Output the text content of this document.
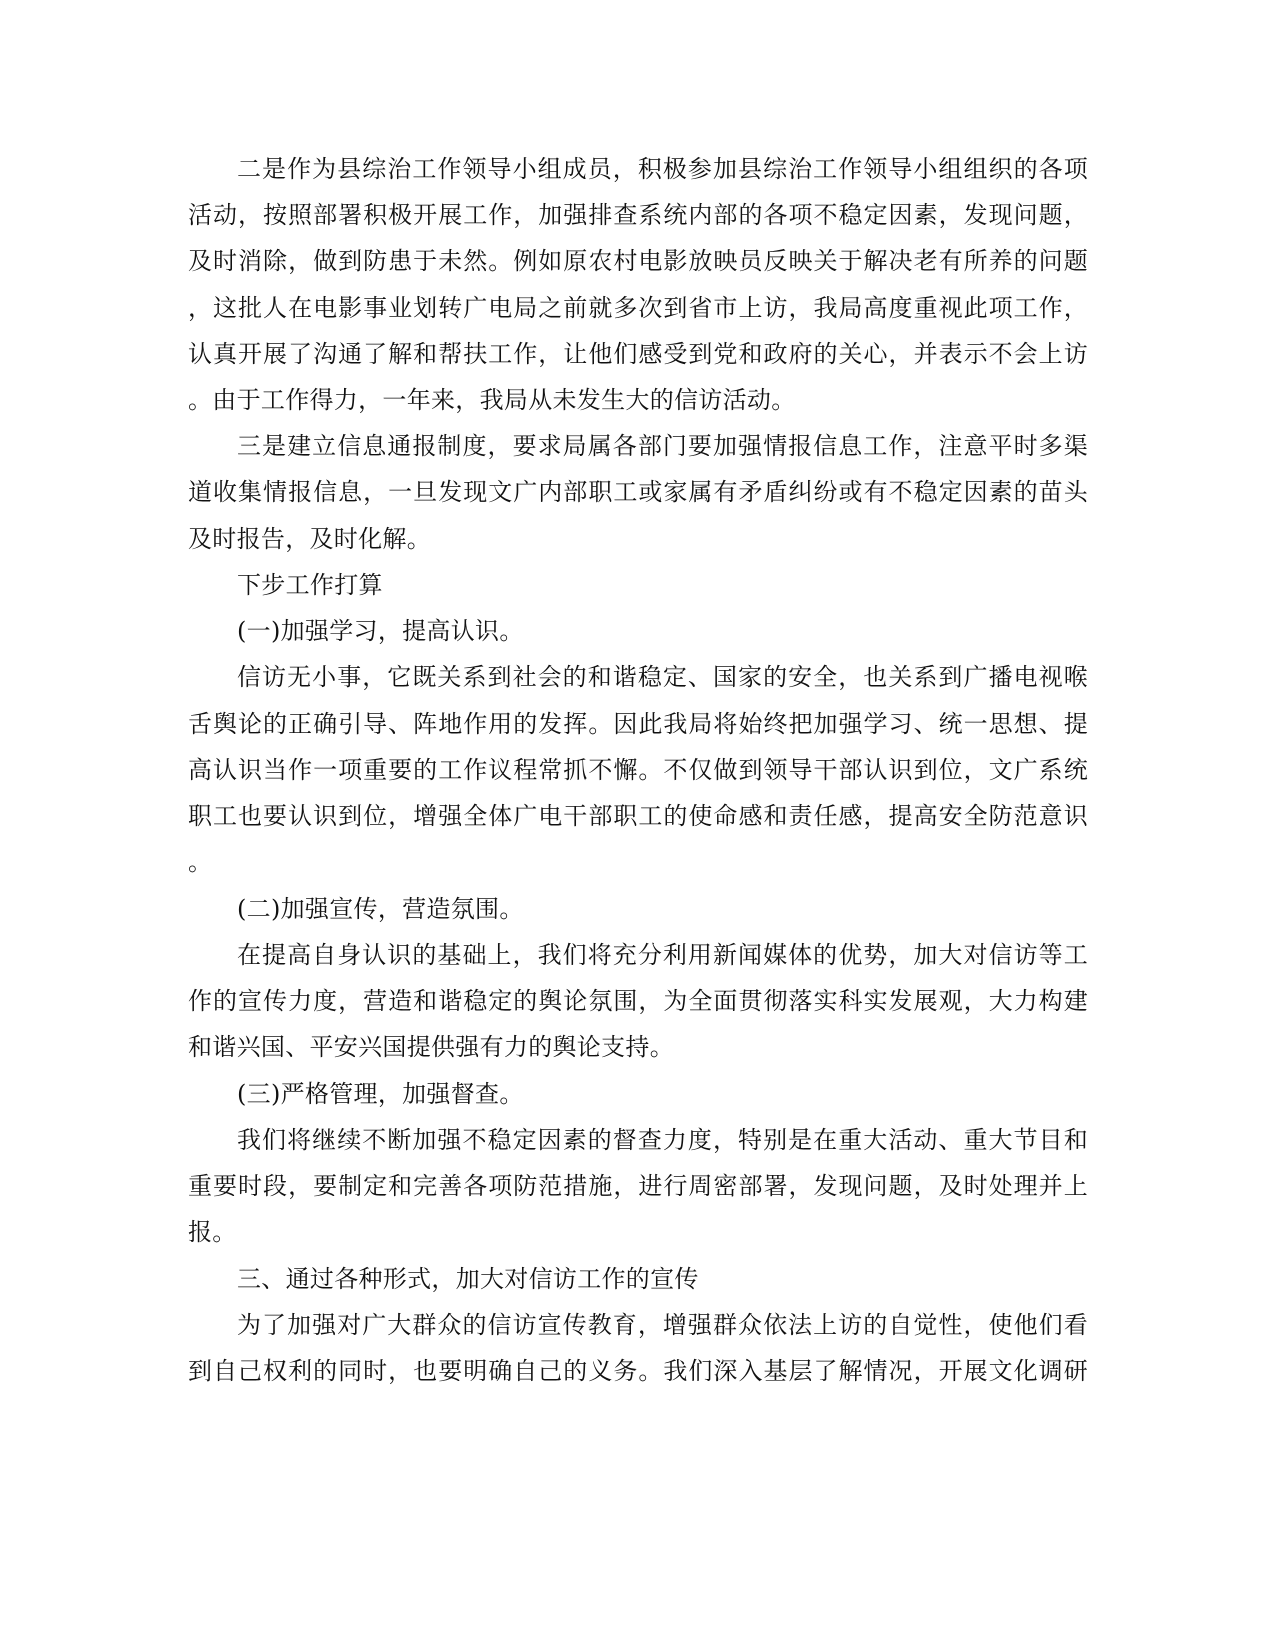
二是作为县综治工作领导小组成员，积极参加县综治工作领导小组组织的各项
活动，按照部署积极开展工作，加强排查系统内部的各项不稳定因素，发现问题，
及时消除，做到防患于未然。例如原农村电影放映员反映关于解决老有所养的问题
，这批人在电影事业划转广电局之前就多次到省市上访，我局高度重视此项工作，
认真开展了沟通了解和帮扶工作，让他们感受到党和政府的关心，并表示不会上访
。由于工作得力，一年来，我局从未发生大的信访活动。
三是建立信息通报制度，要求局属各部门要加强情报信息工作，注意平时多渠
道收集情报信息，一旦发现文广内部职工或家属有矛盾纠纷或有不稳定因素的苗头
及时报告，及时化解。
下步工作打算
(一)加强学习，提高认识。
信访无小事，它既关系到社会的和谐稳定、国家的安全，也关系到广播电视喉
舌舆论的正确引导、阵地作用的发挥。因此我局将始终把加强学习、统一思想、提
高认识当作一项重要的工作议程常抓不懈。不仅做到领导干部认识到位，文广系统
职工也要认识到位，增强全体广电干部职工的使命感和责任感，提高安全防范意识
。
(二)加强宣传，营造氛围。
在提高自身认识的基础上，我们将充分利用新闻媒体的优势，加大对信访等工
作的宣传力度，营造和谐稳定的舆论氛围，为全面贯彻落实科实发展观，大力构建
和谐兴国、平安兴国提供强有力的舆论支持。
(三)严格管理，加强督查。
我们将继续不断加强不稳定因素的督查力度，特别是在重大活动、重大节目和
重要时段，要制定和完善各项防范措施，进行周密部署，发现问题，及时处理并上
报。
三、通过各种形式，加大对信访工作的宣传
为了加强对广大群众的信访宣传教育，增强群众依法上访的自觉性，使他们看
到自己权利的同时，也要明确自己的义务。我们深入基层了解情况，开展文化调研
